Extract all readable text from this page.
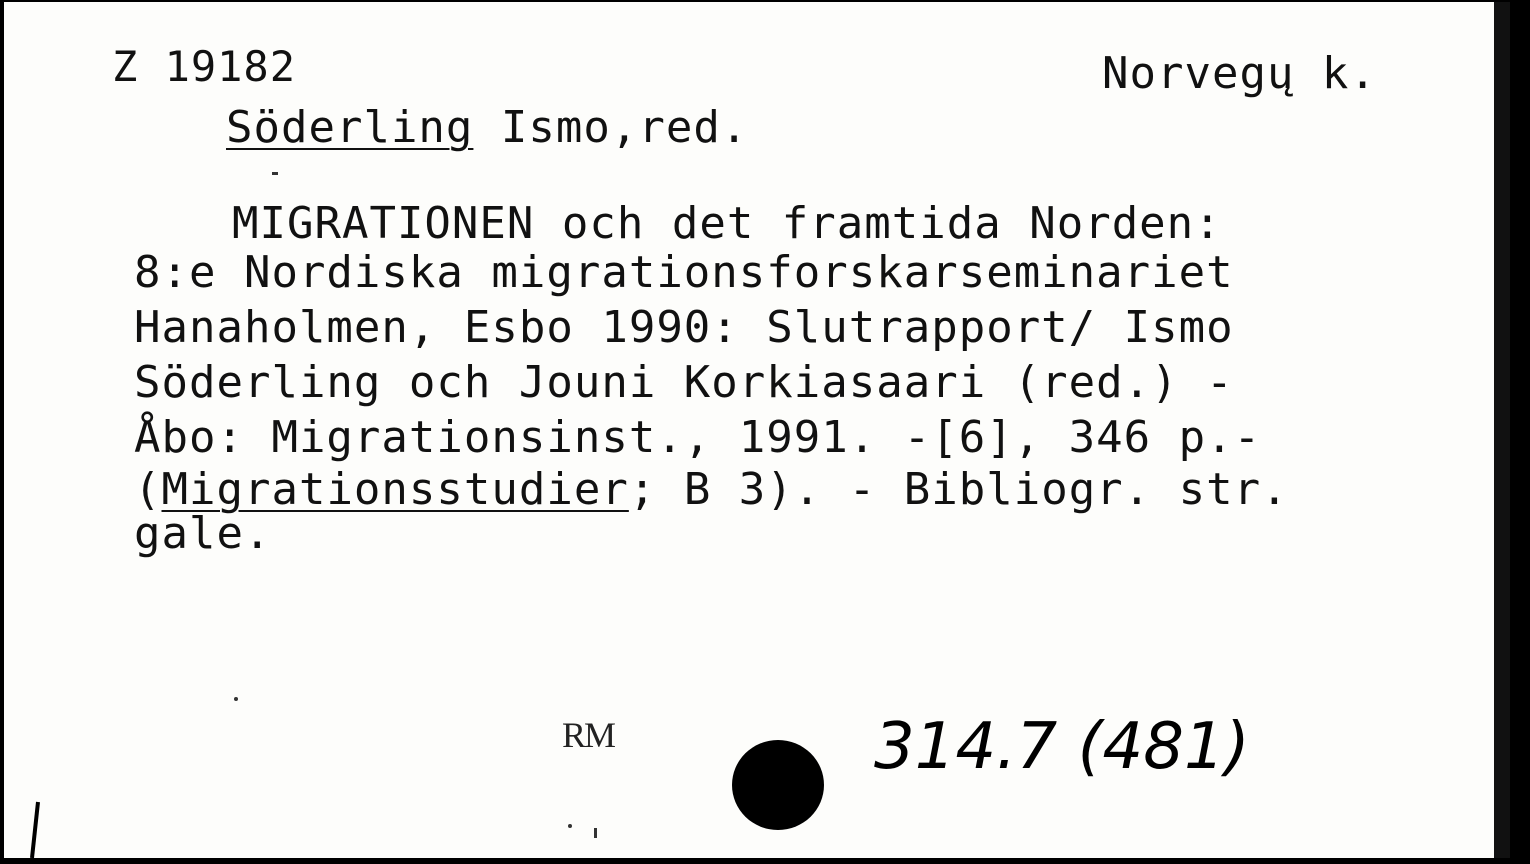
Z 19182	Norvegų k.
Söderling Ismo,red.
MIGRATIONEN och det framtida Norden:
8:e Nordiska migrationsforskarseminariet
Hanaholmen, Esbo 1990: Slutrapport/ Ismo
Söderling och Jouni Korkiasaari (red.) -
Åbo: Migrationsinst., 1991. -[6], 346 p.-
(Migrationsstudier; B 3). - Bibliogr. str.
gale.
RM	314.7 (481)
